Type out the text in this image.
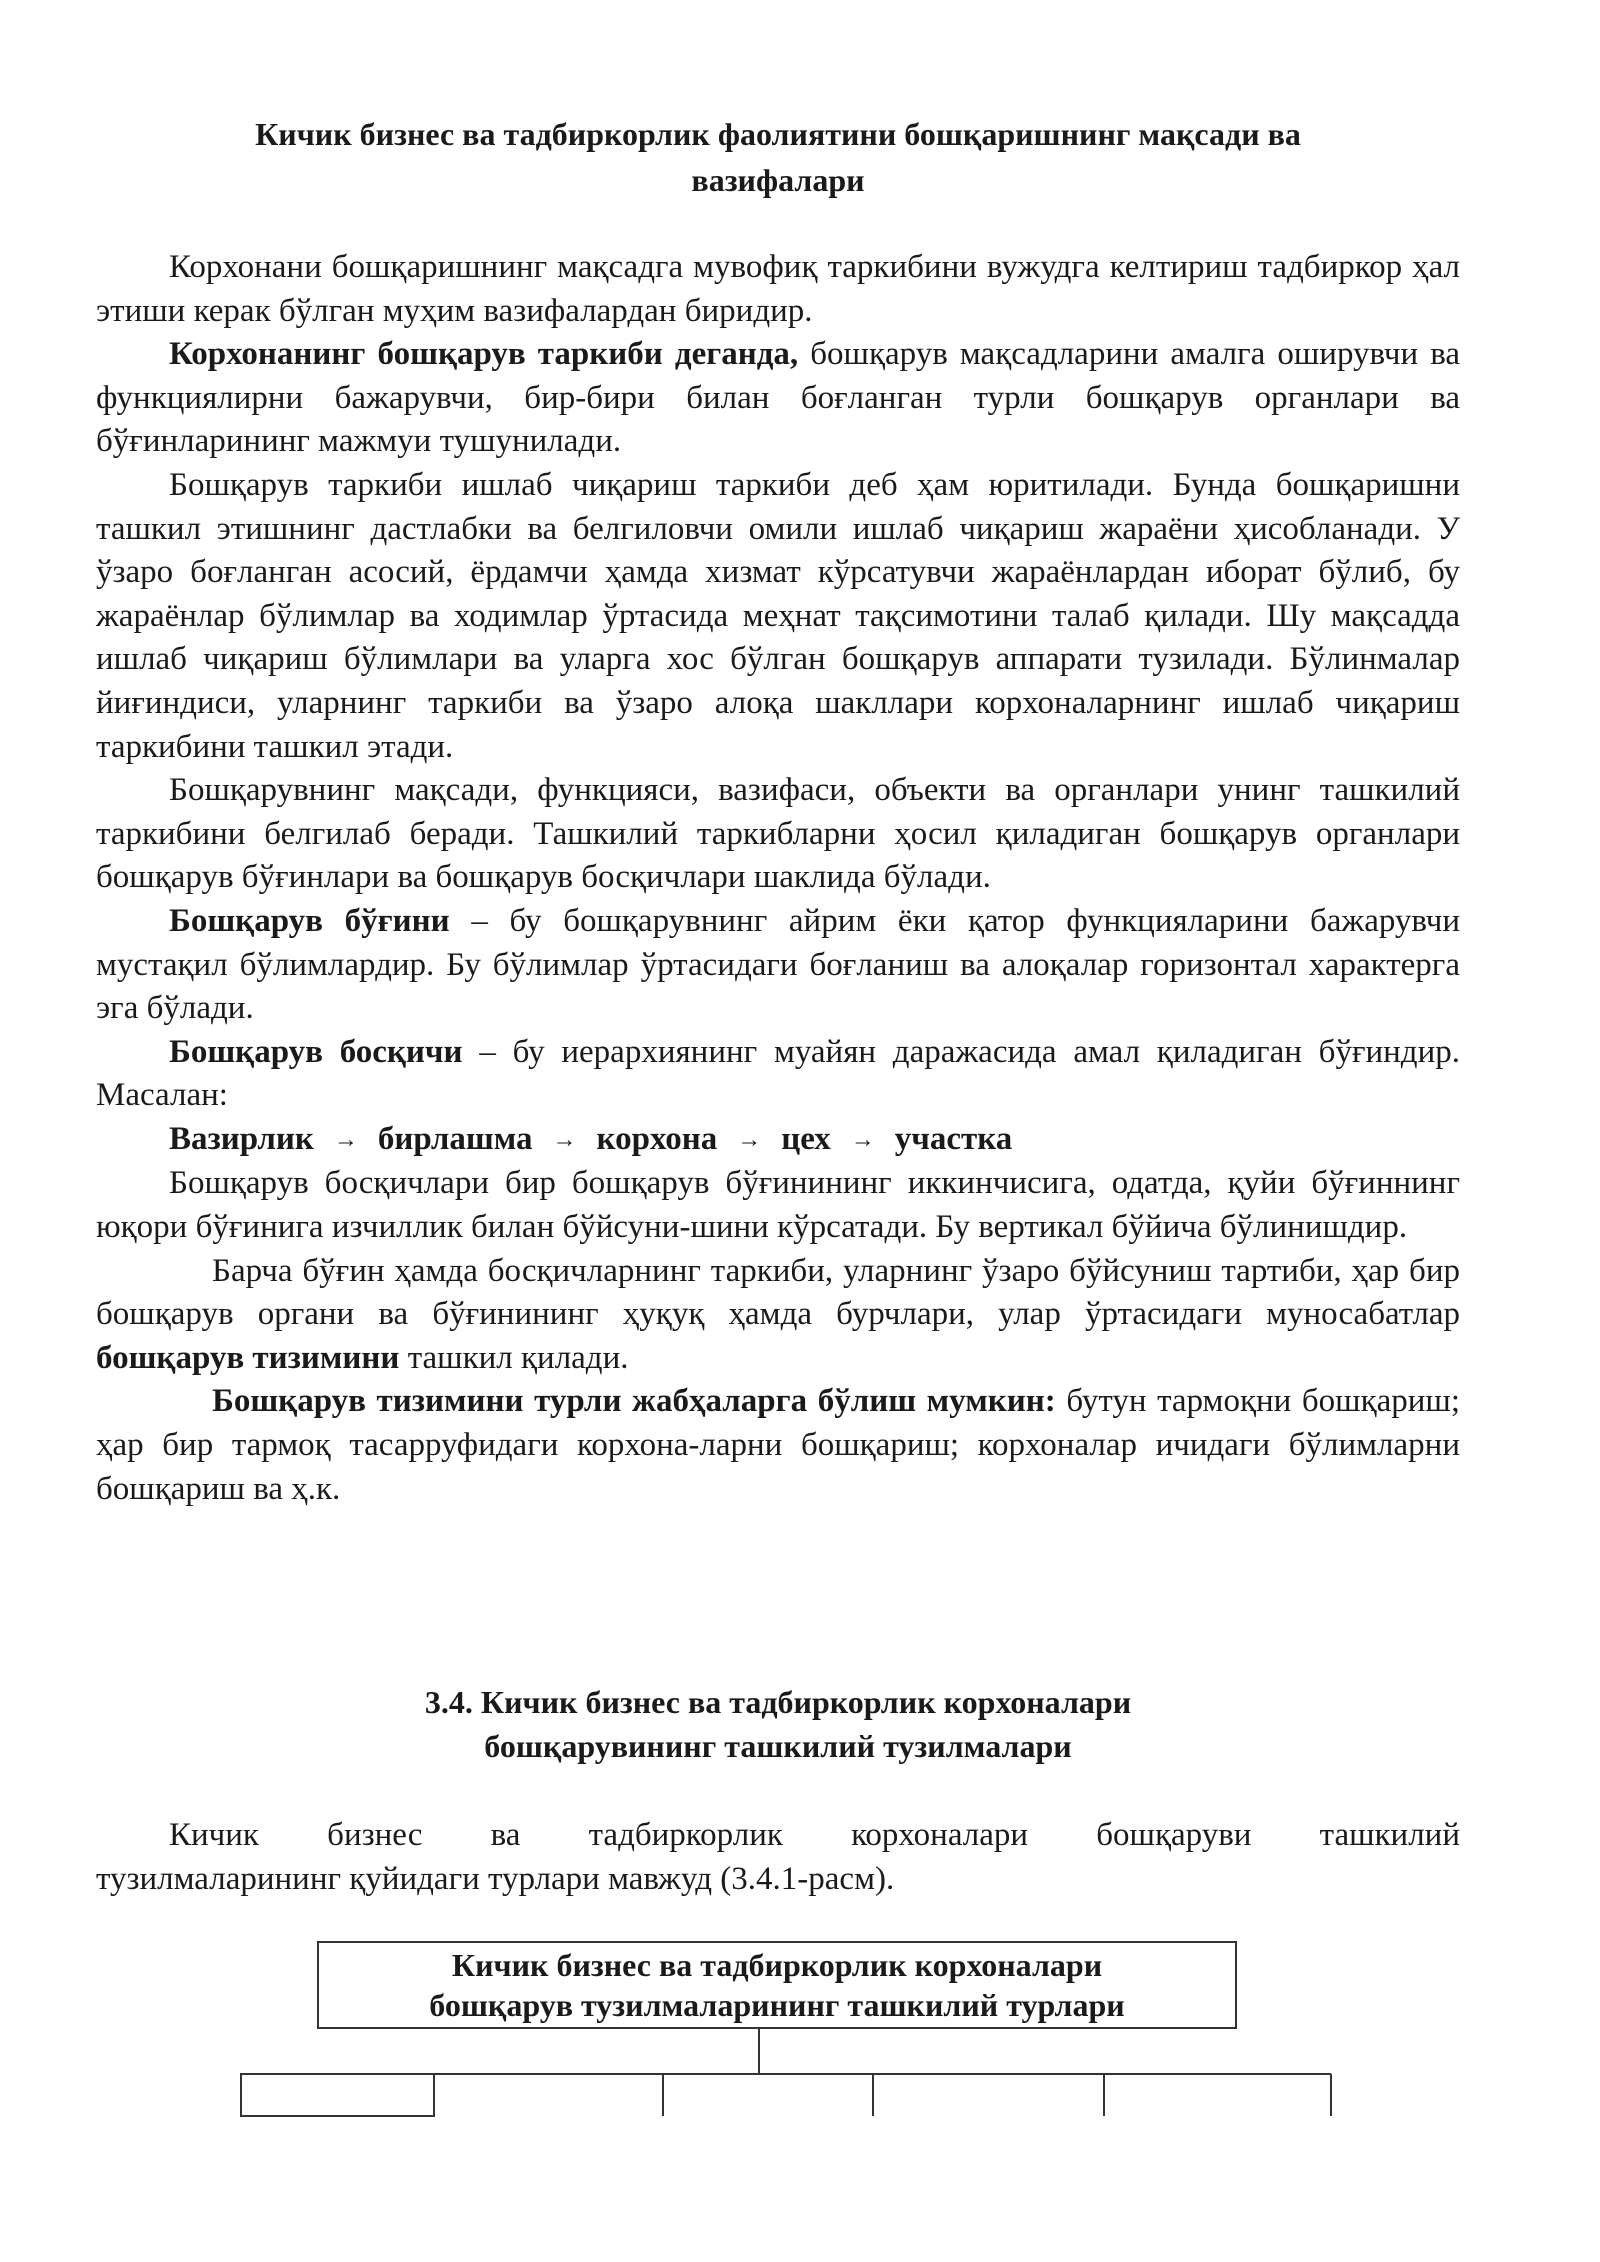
Кичик бизнес ва тадбиркорлик фаолиятини бошқаришнинг мақсади ва
вазифалари

Корхонани бошқаришнинг мақсадга мувофиқ таркибини вужудга келтириш тадбиркор ҳал этиши керак бўлган муҳим вазифалардан биридир.

Корхонанинг бошқарув таркиби деганда, бошқарув мақсадларини амалга оширувчи ва функциялирни бажарувчи, бир-бири билан боғланган турли бошқарув органлари ва бўғинларининг мажмуи тушунилади.

Бошқарув таркиби ишлаб чиқариш таркиби деб ҳам юритилади. Бунда бошқаришни ташкил этишнинг дастлабки ва белгиловчи омили ишлаб чиқариш жараёни ҳисобланади. У ўзаро боғланган асосий, ёрдамчи ҳамда хизмат кўрсатувчи жараёнлардан иборат бўлиб, бу жараёнлар бўлимлар ва ходимлар ўртасида меҳнат тақсимотини талаб қилади. Шу мақсадда ишлаб чиқариш бўлимлари ва уларга хос бўлган бошқарув аппарати тузилади. Бўлинмалар йиғиндиси, уларнинг таркиби ва ўзаро алоқа шакллари корхоналарнинг ишлаб чиқариш таркибини ташкил этади.

Бошқарувнинг мақсади, функцияси, вазифаси, объекти ва органлари унинг ташкилий таркибини белгилаб беради. Ташкилий таркибларни ҳосил қиладиган бошқарув органлари бошқарув бўғинлари ва бошқарув босқичлари шаклида бўлади.

Бошқарув бўғини – бу бошқарувнинг айрим ёки қатор функцияларини бажарувчи мустақил бўлимлардир. Бу бўлимлар ўртасидаги боғланиш ва алоқалар горизонтал характерга эга бўлади.

Бошқарув босқичи – бу иерархиянинг муайян даражасида амал қиладиган бўғиндир. Масалан:

Вазирлик → бирлашма → корхона → цех → участка

Бошқарув босқичлари бир бошқарув бўғинининг иккинчисига, одатда, қуйи бўғиннинг юқори бўғинига изчиллик билан бўйсуни-шини кўрсатади. Бу вертикал бўйича бўлинишдир.

Барча бўғин ҳамда босқичларнинг таркиби, уларнинг ўзаро бўйсуниш тартиби, ҳар бир бошқарув органи ва бўғинининг ҳуқуқ ҳамда бурчлари, улар ўртасидаги муносабатлар бошқарув тизимини ташкил қилади.

Бошқарув тизимини турли жабҳаларга бўлиш мумкин: бутун тармоқни бошқариш; ҳар бир тармоқ тасарруфидаги корхона-ларни бошқариш; корхоналар ичидаги бўлимларни бошқариш ва ҳ.к.

3.4. Кичик бизнес ва тадбиркорлик корхоналари
бошқарувининг ташкилий тузилмалари

Кичик бизнес ва тадбиркорлик корхоналари бошқаруви ташкилий
тузилмаларининг қуйидаги турлари мавжуд (3.4.1-расм).

Кичик бизнес ва тадбиркорлик корхоналари
бошқарув тузилмаларининг ташкилий турлари
